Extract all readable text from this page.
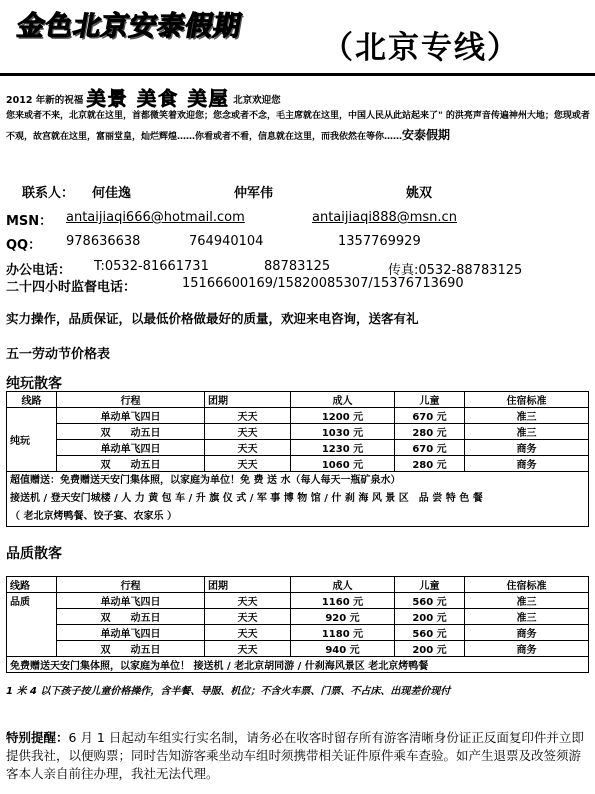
金色北京安泰假期
（北京专线）
2012 年新的祝福 美景 美食 美屋 北京欢迎您
您来或者不来，北京就在这里，首都微笑着欢迎您；您念或者不念，毛主席就在这里，中国人民从此站起来了" 的洪亮声音传遍神州大地；您现或者不观，故宫就在这里，富丽堂皇，灿烂辉煌……你看或者不看，信息就在这里，而我依然在等你……安泰假期
联系人： 何佳逸	仲军伟	姚双
MSN： antaijiaqi666@hotmail.com	antaijiaqi888@msn.cn
QQ： 978636638	764940104	1357769929
办公电话： T:0532-81661731	88783125	传真:0532-88783125
二十四小时监督电话：	15166600169/15820085307/15376713690
实力操作，品质保证，以最低价格做最好的质量，欢迎来电咨询，送客有礼
五一劳动节价格表
纯玩散客
线路	行程	团期	成人	儿童	住宿标准
纯玩	单动单飞四日	天天	1200 元	670 元	准三
	双　　动五日	天天	1030 元	280 元	准三
	单动单飞四日	天天	1230 元	670 元	商务
	双　　动五日	天天	1060 元	280 元	商务

超值赠送：免费赠送天安门集体照，以家庭为单位！免 费 送 水（每人每天一瓶矿泉水）
接送机 / 登天安门城楼 / 人 力 黄 包 车 / 升 旗 仪 式 / 军 事 博 物 馆 / 什 刹 海 风 景 区　品 尝 特 色 餐
（ 老北京烤鸭餐、饺子宴、农家乐 ）					
品质散客
线路	行程	团期	成人	儿童	住宿标准
品质	单动单飞四日	天天	1160 元	560 元	准三
	双　　动五日	天天	920 元	200 元	准三
	单动单飞四日	天天	1180 元	560 元	商务
	双　　动五日	天天	940 元	200 元	商务
免费赠送天安门集体照，以家庭为单位！ 接送机 / 老北京胡同游 / 什刹海风景区 老北京烤鸭餐					
1 米 4 以下孩子按儿童价格操作，含半餐、导服、机位；不含火车票、门票、不占床、出现差价现付
特别提醒：6 月 1 日起动车组实行实名制，请务必在收客时留存所有游客清晰身份证正反面复印件并立即提供我社，以便购票；同时告知游客乘坐动车组时须携带相关证件原件乘车查验。如产生退票及改签须游客本人亲自前往办理，我社无法代理。
